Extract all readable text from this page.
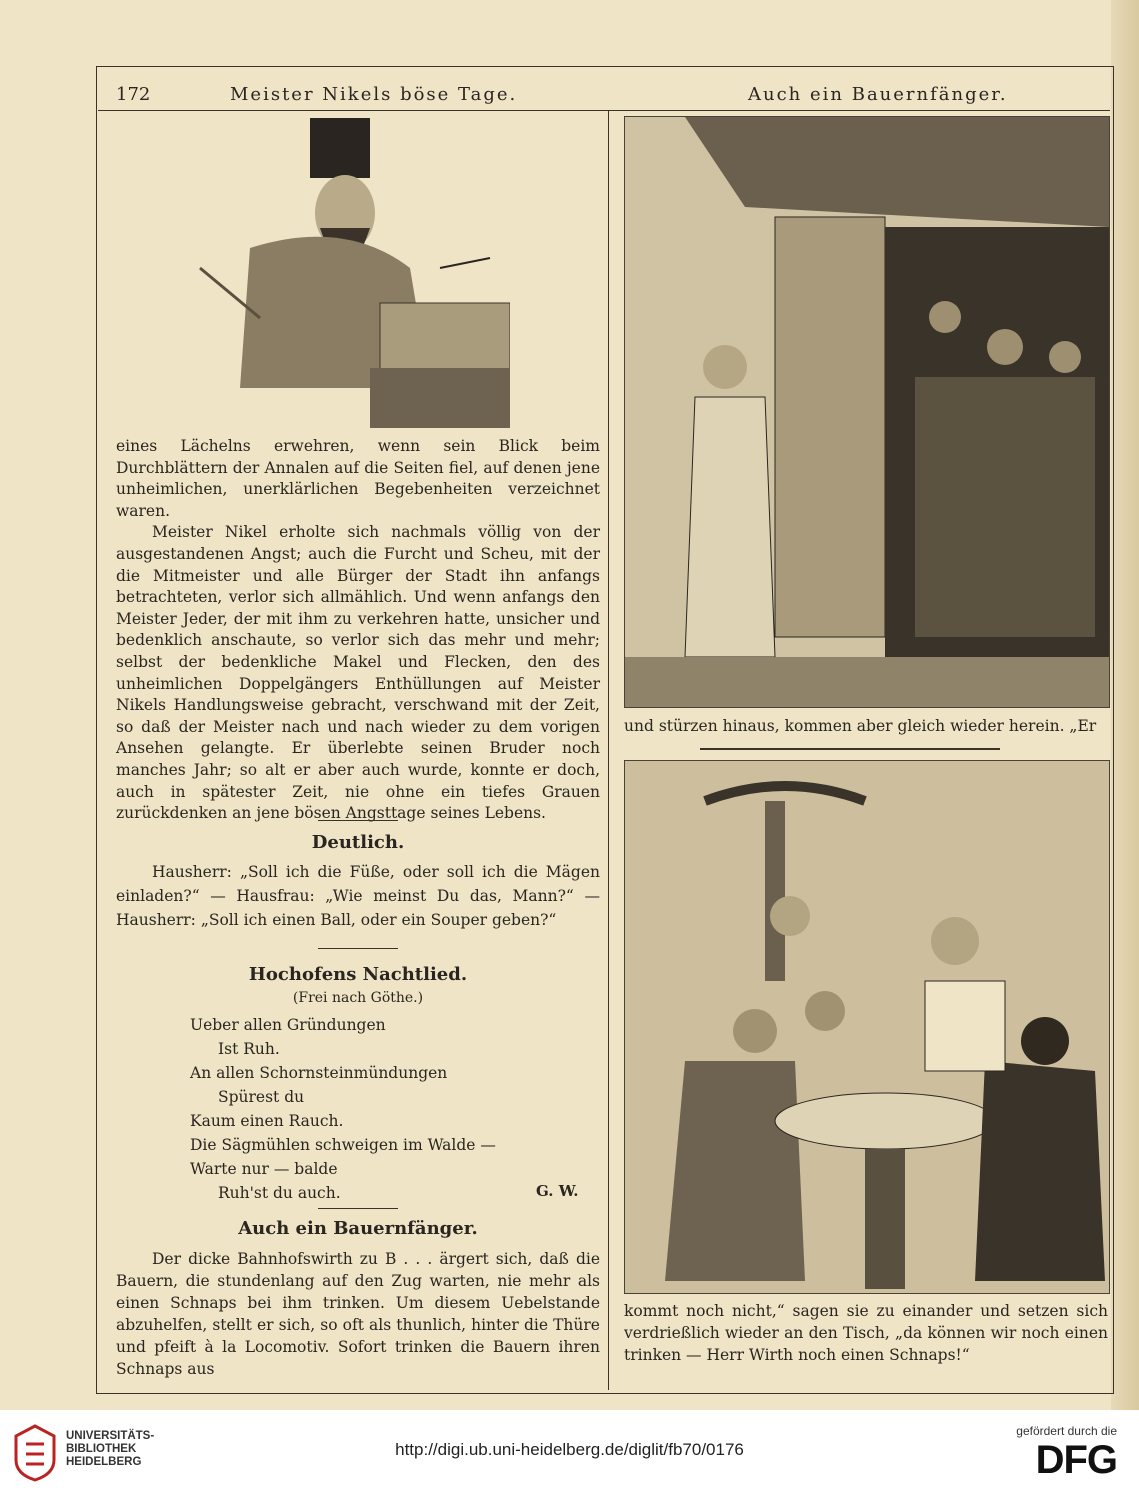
172	Meister Nikels böse Tage.	Auch ein Bauernfänger.

eines Lächelns erwehren, wenn sein Blick beim Durchblättern der Annalen auf die Seiten fiel, auf denen jene unheimlichen, unerklärlichen Begebenheiten verzeichnet waren.

Meister Nikel erholte sich nachmals völlig von der ausgestandenen Angst; auch die Furcht und Scheu, mit der die Mitmeister und alle Bürger der Stadt ihn anfangs betrachteten, verlor sich allmählich. Und wenn anfangs den Meister Jeder, der mit ihm zu verkehren hatte, unsicher und bedenklich anschaute, so verlor sich das mehr und mehr; selbst der bedenkliche Makel und Flecken, den des unheimlichen Doppelgängers Enthüllungen auf Meister Nikels Handlungsweise gebracht, verschwand mit der Zeit, so daß der Meister nach und nach wieder zu dem vorigen Ansehen gelangte. Er überlebte seinen Bruder noch manches Jahr; so alt er aber auch wurde, konnte er doch, auch in spätester Zeit, nie ohne ein tiefes Grauen zurückdenken an jene bösen Angsttage seines Lebens.

Deutlich.

Hausherr: „Soll ich die Füße, oder soll ich die Mägen einladen?“ — Hausfrau: „Wie meinst Du das, Mann?“ — Hausherr: „Soll ich einen Ball, oder ein Souper geben?“

Hochofens Nachtlied.
(Frei nach Göthe.)
Ueber allen Gründungen
Ist Ruh.
An allen Schornsteinmündungen
Spürest du
Kaum einen Rauch.
Die Sägmühlen schweigen im Walde —
Warte nur — balde
Ruh'st du auch.	G. W.
Auch ein Bauernfänger.

Der dicke Bahnhofswirth zu B . . . ärgert sich, daß die Bauern, die stundenlang auf den Zug warten, nie mehr als einen Schnaps bei ihm trinken. Um diesem Uebelstande abzuhelfen, stellt er sich, so oft als thunlich, hinter die Thüre und pfeift à la Locomotiv. Sofort trinken die Bauern ihren Schnaps aus

und stürzen hinaus, kommen aber gleich wieder herein. „Er
kommt noch nicht,“ sagen sie zu einander und setzen sich verdrießlich wieder an den Tisch, „da können wir noch einen trinken — Herr Wirth noch einen Schnaps!“
UNIVERSITÄTS-
BIBLIOTHEK
HEIDELBERG
http://digi.ub.uni-heidelberg.de/diglit/fb70/0176
gefördert durch die
DFG
